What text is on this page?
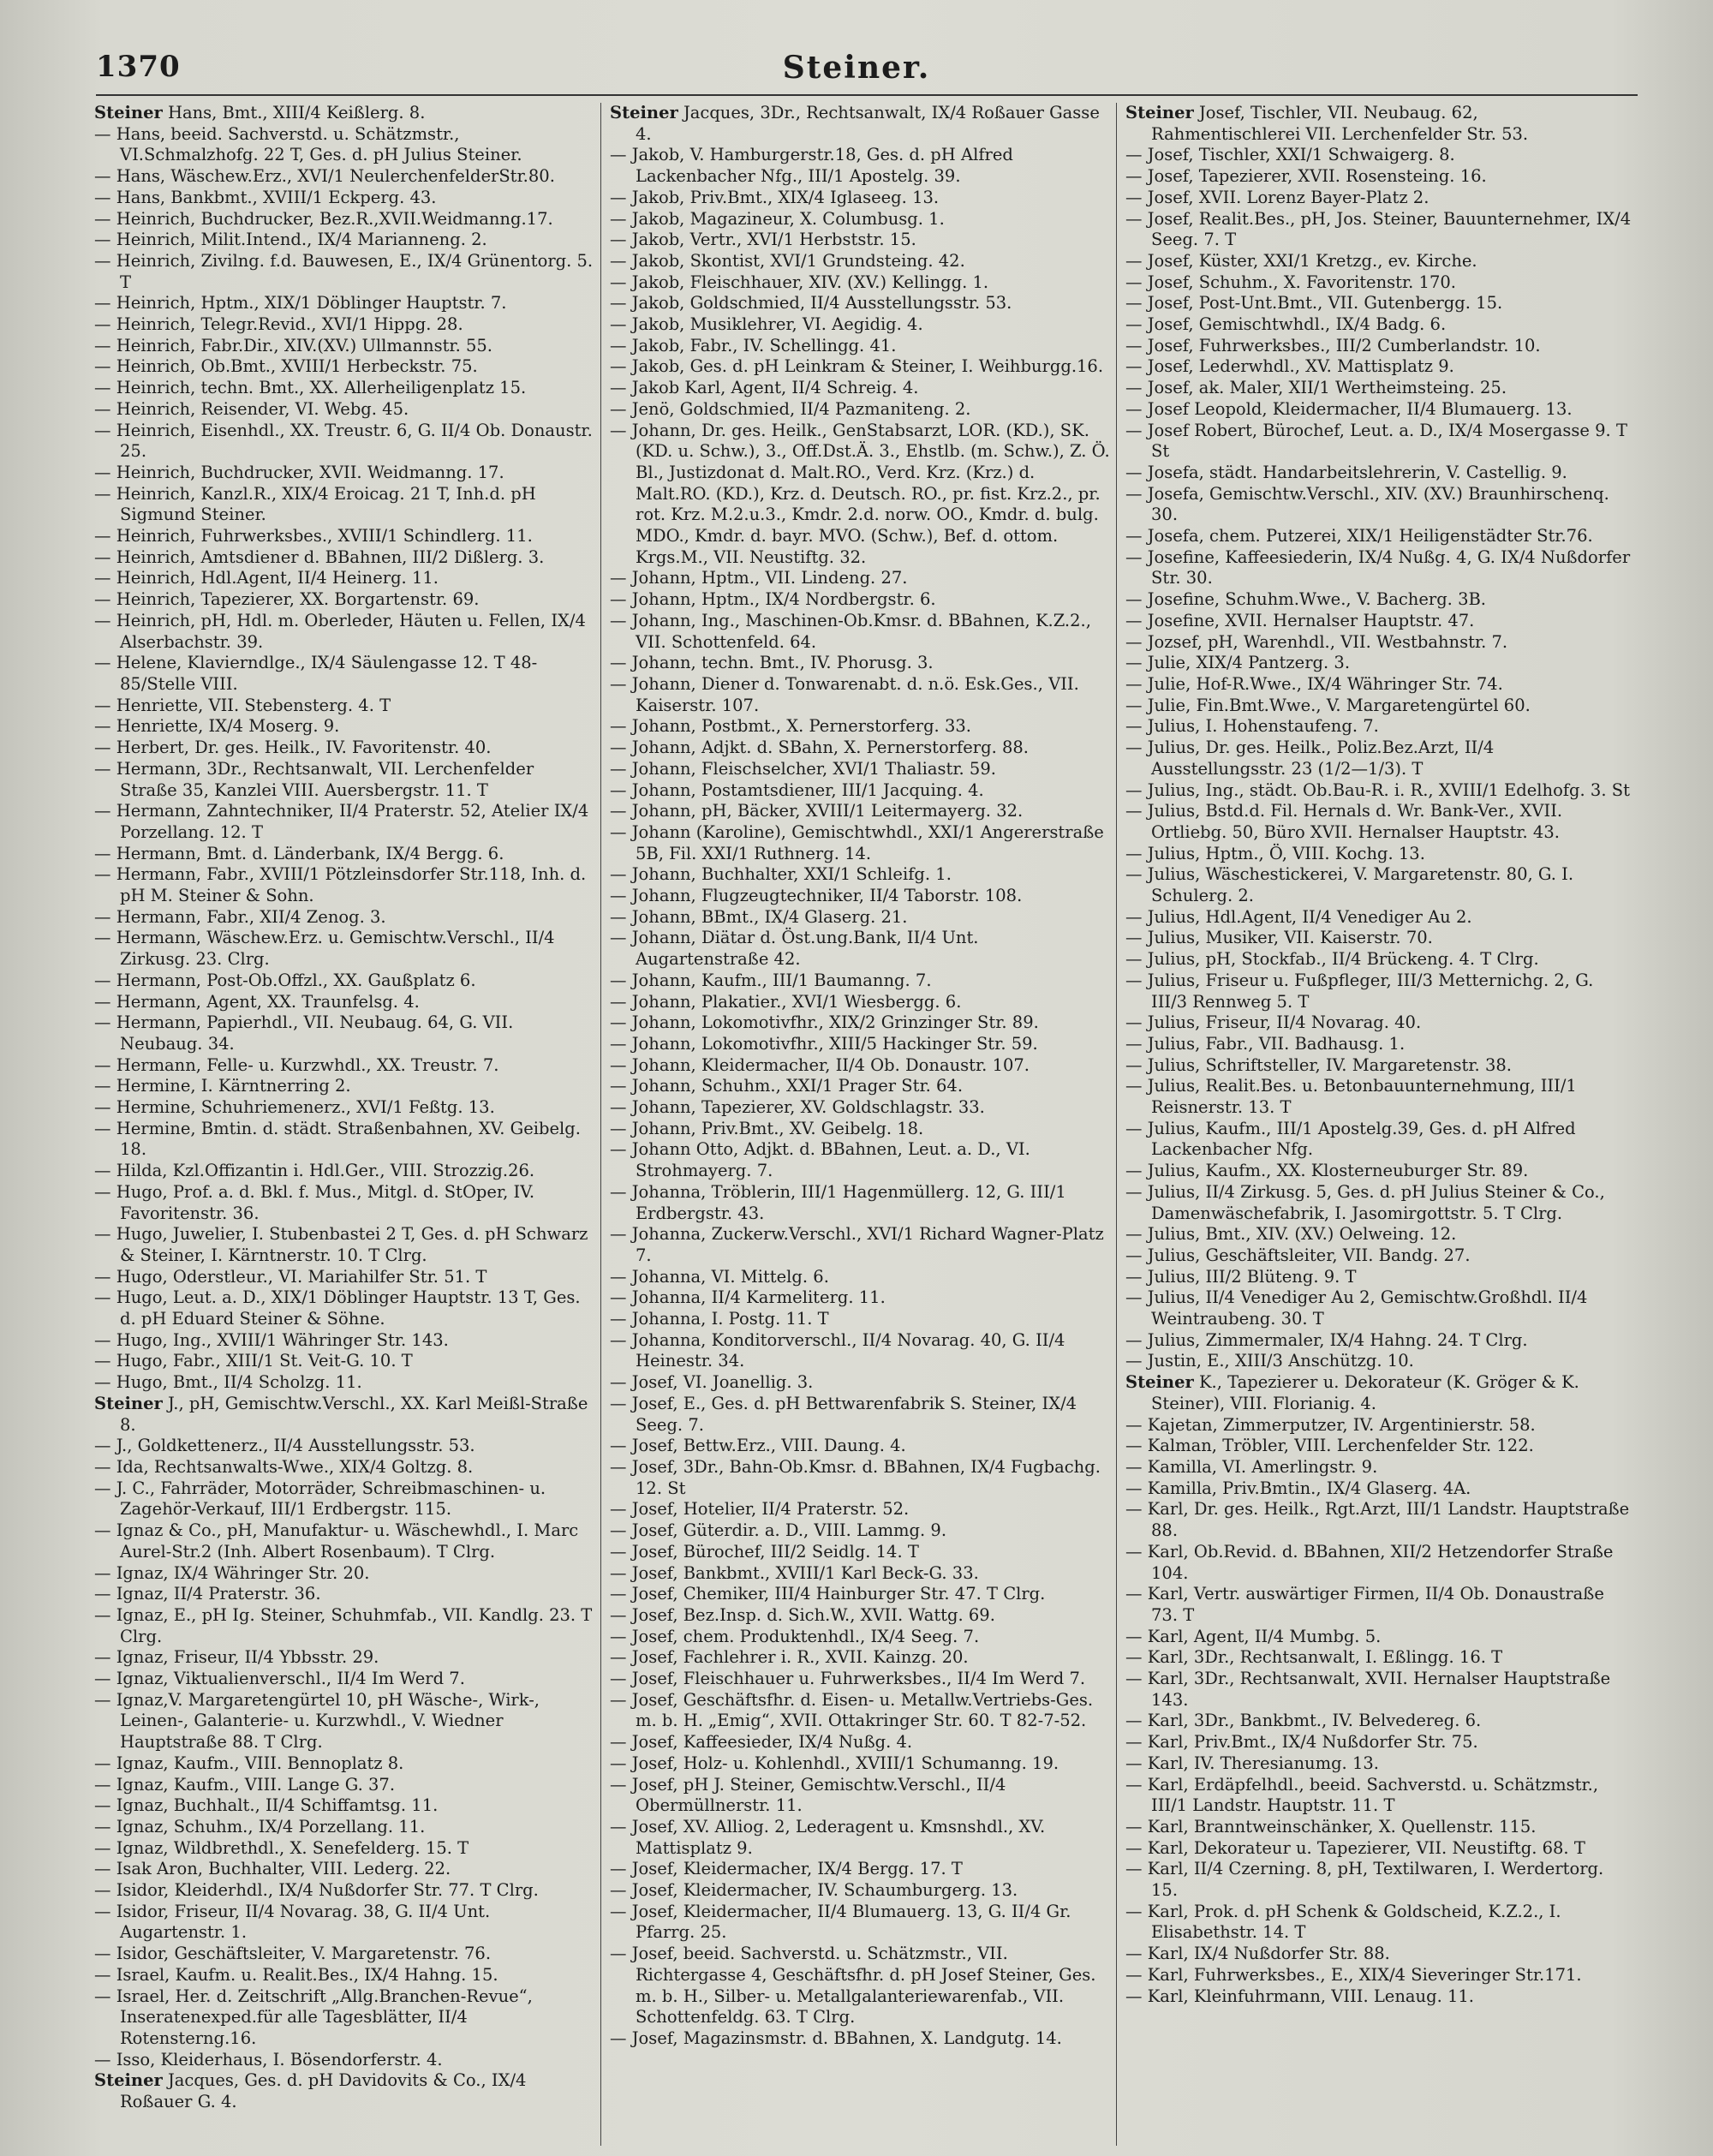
1370	Steiner.
Steiner Hans, Bmt., XIII/4 Keißlerg. 8.
— Hans, beeid. Sachverstd. u. Schätzmstr., VI.Schmalzhofg. 22 T, Ges. d. pH Julius Steiner.
— Hans, Wäschew.Erz., XVI/1 NeulerchenfelderStr.80.
— Hans, Bankbmt., XVIII/1 Eckperg. 43.
— Heinrich, Buchdrucker, Bez.R.,XVII.Weidmanng.17.
— Heinrich, Milit.Intend., IX/4 Marianneng. 2.
— Heinrich, Zivilng. f.d. Bauwesen, E., IX/4 Grünentorg. 5. T
— Heinrich, Hptm., XIX/1 Döblinger Hauptstr. 7.
— Heinrich, Telegr.Revid., XVI/1 Hippg. 28.
— Heinrich, Fabr.Dir., XIV.(XV.) Ullmannstr. 55.
— Heinrich, Ob.Bmt., XVIII/1 Herbeckstr. 75.
— Heinrich, techn. Bmt., XX. Allerheiligenplatz 15.
— Heinrich, Reisender, VI. Webg. 45.
— Heinrich, Eisenhdl., XX. Treustr. 6, G. II/4 Ob. Donaustr. 25.
— Heinrich, Buchdrucker, XVII. Weidmanng. 17.
— Heinrich, Kanzl.R., XIX/4 Eroicag. 21 T, Inh.d. pH Sigmund Steiner.
— Heinrich, Fuhrwerksbes., XVIII/1 Schindlerg. 11.
— Heinrich, Amtsdiener d. BBahnen, III/2 Dißlerg. 3.
— Heinrich, Hdl.Agent, II/4 Heinerg. 11.
— Heinrich, Tapezierer, XX. Borgartenstr. 69.
— Heinrich, pH, Hdl. m. Oberleder, Häuten u. Fellen, IX/4 Alserbachstr. 39.
— Helene, Klavierndlge., IX/4 Säulengasse 12. T 48-85/Stelle VIII.
— Henriette, VII. Stebensterg. 4. T
— Henriette, IX/4 Moserg. 9.
— Herbert, Dr. ges. Heilk., IV. Favoritenstr. 40.
— Hermann, 3Dr., Rechtsanwalt, VII. Lerchenfelder Straße 35, Kanzlei VIII. Auersbergstr. 11. T
— Hermann, Zahntechniker, II/4 Praterstr. 52, Atelier IX/4 Porzellang. 12. T
— Hermann, Bmt. d. Länderbank, IX/4 Bergg. 6.
— Hermann, Fabr., XVIII/1 Pötzleinsdorfer Str.118, Inh. d. pH M. Steiner & Sohn.
— Hermann, Fabr., XII/4 Zenog. 3.
— Hermann, Wäschew.Erz. u. Gemischtw.Verschl., II/4 Zirkusg. 23. Clrg.
— Hermann, Post-Ob.Offzl., XX. Gaußplatz 6.
— Hermann, Agent, XX. Traunfelsg. 4.
— Hermann, Papierhdl., VII. Neubaug. 64, G. VII. Neubaug. 34.
— Hermann, Felle- u. Kurzwhdl., XX. Treustr. 7.
— Hermine, I. Kärntnerring 2.
— Hermine, Schuhriemenerz., XVI/1 Feßtg. 13.
— Hermine, Bmtin. d. städt. Straßenbahnen, XV. Geibelg. 18.
— Hilda, Kzl.Offizantin i. Hdl.Ger., VIII. Strozzig.26.
— Hugo, Prof. a. d. Bkl. f. Mus., Mitgl. d. StOper, IV. Favoritenstr. 36.
— Hugo, Juwelier, I. Stubenbastei 2 T, Ges. d. pH Schwarz & Steiner, I. Kärntnerstr. 10. T Clrg.
— Hugo, Oderstleur., VI. Mariahilfer Str. 51. T
— Hugo, Leut. a. D., XIX/1 Döblinger Hauptstr. 13 T, Ges. d. pH Eduard Steiner & Söhne.
— Hugo, Ing., XVIII/1 Währinger Str. 143.
— Hugo, Fabr., XIII/1 St. Veit-G. 10. T
— Hugo, Bmt., II/4 Scholzg. 11.
Steiner J., pH, Gemischtw.Verschl., XX. Karl Meißl-Straße 8.
— J., Goldkettenerz., II/4 Ausstellungsstr. 53.
— Ida, Rechtsanwalts-Wwe., XIX/4 Goltzg. 8.
— J. C., Fahrräder, Motorräder, Schreibmaschinen- u. Zagehör-Verkauf, III/1 Erdbergstr. 115.
— Ignaz & Co., pH, Manufaktur- u. Wäschewhdl., I. Marc Aurel-Str.2 (Inh. Albert Rosenbaum). T Clrg.
— Ignaz, IX/4 Währinger Str. 20.
— Ignaz, II/4 Praterstr. 36.
— Ignaz, E., pH Ig. Steiner, Schuhmfab., VII. Kandlg. 23. T Clrg.
— Ignaz, Friseur, II/4 Ybbsstr. 29.
— Ignaz, Viktualienverschl., II/4 Im Werd 7.
— Ignaz,V. Margaretengürtel 10, pH Wäsche-, Wirk-, Leinen-, Galanterie- u. Kurzwhdl., V. Wiedner Hauptstraße 88. T Clrg.
— Ignaz, Kaufm., VIII. Bennoplatz 8.
— Ignaz, Kaufm., VIII. Lange G. 37.
— Ignaz, Buchhalt., II/4 Schiffamtsg. 11.
— Ignaz, Schuhm., IX/4 Porzellang. 11.
— Ignaz, Wildbrethdl., X. Senefelderg. 15. T
— Isak Aron, Buchhalter, VIII. Lederg. 22.
— Isidor, Kleiderhdl., IX/4 Nußdorfer Str. 77. T Clrg.
— Isidor, Friseur, II/4 Novarag. 38, G. II/4 Unt. Augartenstr. 1.
— Isidor, Geschäftsleiter, V. Margaretenstr. 76.
— Israel, Kaufm. u. Realit.Bes., IX/4 Hahng. 15.
— Israel, Her. d. Zeitschrift „Allg.Branchen-Revue“, Inseratenexped.für alle Tagesblätter, II/4 Rotensterng.16.
— Isso, Kleiderhaus, I. Bösendorferstr. 4.
Steiner Jacques, Ges. d. pH Davidovits & Co., IX/4 Roßauer G. 4.
Steiner Jacques, 3Dr., Rechtsanwalt, IX/4 Roßauer Gasse 4.
— Jakob, V. Hamburgerstr.18, Ges. d. pH Alfred Lackenbacher Nfg., III/1 Apostelg. 39.
— Jakob, Priv.Bmt., XIX/4 Iglaseeg. 13.
— Jakob, Magazineur, X. Columbusg. 1.
— Jakob, Vertr., XVI/1 Herbststr. 15.
— Jakob, Skontist, XVI/1 Grundsteing. 42.
— Jakob, Fleischhauer, XIV. (XV.) Kellingg. 1.
— Jakob, Goldschmied, II/4 Ausstellungsstr. 53.
— Jakob, Musiklehrer, VI. Aegidig. 4.
— Jakob, Fabr., IV. Schellingg. 41.
— Jakob, Ges. d. pH Leinkram & Steiner, I. Weihburgg.16.
— Jakob Karl, Agent, II/4 Schreig. 4.
— Jenö, Goldschmied, II/4 Pazmaniteng. 2.
— Johann, Dr. ges. Heilk., GenStabsarzt, LOR. (KD.), SK. (KD. u. Schw.), 3., Off.Dst.Ä. 3., Ehstlb. (m. Schw.), Z. Ö. Bl., Justizdonat d. Malt.RO., Verd. Krz. (Krz.) d. Malt.RO. (KD.), Krz. d. Deutsch. RO., pr. fist. Krz.2., pr. rot. Krz. M.2.u.3., Kmdr. 2.d. norw. OO., Kmdr. d. bulg. MDO., Kmdr. d. bayr. MVO. (Schw.), Bef. d. ottom. Krgs.M., VII. Neustiftg. 32.
— Johann, Hptm., VII. Lindeng. 27.
— Johann, Hptm., IX/4 Nordbergstr. 6.
— Johann, Ing., Maschinen-Ob.Kmsr. d. BBahnen, K.Z.2., VII. Schottenfeld. 64.
— Johann, techn. Bmt., IV. Phorusg. 3.
— Johann, Diener d. Tonwarenabt. d. n.ö. Esk.Ges., VII. Kaiserstr. 107.
— Johann, Postbmt., X. Pernerstorferg. 33.
— Johann, Adjkt. d. SBahn, X. Pernerstorferg. 88.
— Johann, Fleischselcher, XVI/1 Thaliastr. 59.
— Johann, Postamtsdiener, III/1 Jacquing. 4.
— Johann, pH, Bäcker, XVIII/1 Leitermayerg. 32.
— Johann (Karoline), Gemischtwhdl., XXI/1 Angererstraße 5B, Fil. XXI/1 Ruthnerg. 14.
— Johann, Buchhalter, XXI/1 Schleifg. 1.
— Johann, Flugzeugtechniker, II/4 Taborstr. 108.
— Johann, BBmt., IX/4 Glaserg. 21.
— Johann, Diätar d. Öst.ung.Bank, II/4 Unt. Augartenstraße 42.
— Johann, Kaufm., III/1 Baumanng. 7.
— Johann, Plakatier., XVI/1 Wiesbergg. 6.
— Johann, Lokomotivfhr., XIX/2 Grinzinger Str. 89.
— Johann, Lokomotivfhr., XIII/5 Hackinger Str. 59.
— Johann, Kleidermacher, II/4 Ob. Donaustr. 107.
— Johann, Schuhm., XXI/1 Prager Str. 64.
— Johann, Tapezierer, XV. Goldschlagstr. 33.
— Johann, Priv.Bmt., XV. Geibelg. 18.
— Johann Otto, Adjkt. d. BBahnen, Leut. a. D., VI. Strohmayerg. 7.
— Johanna, Tröblerin, III/1 Hagenmüllerg. 12, G. III/1 Erdbergstr. 43.
— Johanna, Zuckerw.Verschl., XVI/1 Richard Wagner-Platz 7.
— Johanna, VI. Mittelg. 6.
— Johanna, II/4 Karmeliterg. 11.
— Johanna, I. Postg. 11. T
— Johanna, Konditorverschl., II/4 Novarag. 40, G. II/4 Heinestr. 34.
— Josef, VI. Joanellig. 3.
— Josef, E., Ges. d. pH Bettwarenfabrik S. Steiner, IX/4 Seeg. 7.
— Josef, Bettw.Erz., VIII. Daung. 4.
— Josef, 3Dr., Bahn-Ob.Kmsr. d. BBahnen, IX/4 Fugbachg. 12. St
— Josef, Hotelier, II/4 Praterstr. 52.
— Josef, Güterdir. a. D., VIII. Lammg. 9.
— Josef, Bürochef, III/2 Seidlg. 14. T
— Josef, Bankbmt., XVIII/1 Karl Beck-G. 33.
— Josef, Chemiker, III/4 Hainburger Str. 47. T Clrg.
— Josef, Bez.Insp. d. Sich.W., XVII. Wattg. 69.
— Josef, chem. Produktenhdl., IX/4 Seeg. 7.
— Josef, Fachlehrer i. R., XVII. Kainzg. 20.
— Josef, Fleischhauer u. Fuhrwerksbes., II/4 Im Werd 7.
— Josef, Geschäftsfhr. d. Eisen- u. Metallw.Vertriebs-Ges. m. b. H. „Emig“, XVII. Ottakringer Str. 60. T 82-7-52.
— Josef, Kaffeesieder, IX/4 Nußg. 4.
— Josef, Holz- u. Kohlenhdl., XVIII/1 Schumanng. 19.
— Josef, pH J. Steiner, Gemischtw.Verschl., II/4 Obermüllnerstr. 11.
— Josef, XV. Alliog. 2, Lederagent u. Kmsnshdl., XV. Mattisplatz 9.
— Josef, Kleidermacher, IX/4 Bergg. 17. T
— Josef, Kleidermacher, IV. Schaumburgerg. 13.
— Josef, Kleidermacher, II/4 Blumauerg. 13, G. II/4 Gr. Pfarrg. 25.
— Josef, beeid. Sachverstd. u. Schätzmstr., VII. Richtergasse 4, Geschäftsfhr. d. pH Josef Steiner, Ges. m. b. H., Silber- u. Metallgalanteriewarenfab., VII. Schottenfeldg. 63. T Clrg.
— Josef, Magazinsmstr. d. BBahnen, X. Landgutg. 14.
Steiner Josef, Tischler, VII. Neubaug. 62, Rahmentischlerei VII. Lerchenfelder Str. 53.
— Josef, Tischler, XXI/1 Schwaigerg. 8.
— Josef, Tapezierer, XVII. Rosensteing. 16.
— Josef, XVII. Lorenz Bayer-Platz 2.
— Josef, Realit.Bes., pH, Jos. Steiner, Bauunternehmer, IX/4 Seeg. 7. T
— Josef, Küster, XXI/1 Kretzg., ev. Kirche.
— Josef, Schuhm., X. Favoritenstr. 170.
— Josef, Post-Unt.Bmt., VII. Gutenbergg. 15.
— Josef, Gemischtwhdl., IX/4 Badg. 6.
— Josef, Fuhrwerksbes., III/2 Cumberlandstr. 10.
— Josef, Lederwhdl., XV. Mattisplatz 9.
— Josef, ak. Maler, XII/1 Wertheimsteing. 25.
— Josef Leopold, Kleidermacher, II/4 Blumauerg. 13.
— Josef Robert, Bürochef, Leut. a. D., IX/4 Mosergasse 9. T St
— Josefa, städt. Handarbeitslehrerin, V. Castellig. 9.
— Josefa, Gemischtw.Verschl., XIV. (XV.) Braunhirschenq. 30.
— Josefa, chem. Putzerei, XIX/1 Heiligenstädter Str.76.
— Josefine, Kaffeesiederin, IX/4 Nußg. 4, G. IX/4 Nußdorfer Str. 30.
— Josefine, Schuhm.Wwe., V. Bacherg. 3B.
— Josefine, XVII. Hernalser Hauptstr. 47.
— Jozsef, pH, Warenhdl., VII. Westbahnstr. 7.
— Julie, XIX/4 Pantzerg. 3.
— Julie, Hof-R.Wwe., IX/4 Währinger Str. 74.
— Julie, Fin.Bmt.Wwe., V. Margaretengürtel 60.
— Julius, I. Hohenstaufeng. 7.
— Julius, Dr. ges. Heilk., Poliz.Bez.Arzt, II/4 Ausstellungsstr. 23 (1/2—1/3). T
— Julius, Ing., städt. Ob.Bau-R. i. R., XVIII/1 Edelhofg. 3. St
— Julius, Bstd.d. Fil. Hernals d. Wr. Bank-Ver., XVII. Ortliebg. 50, Büro XVII. Hernalser Hauptstr. 43.
— Julius, Hptm., Ö, VIII. Kochg. 13.
— Julius, Wäschestickerei, V. Margaretenstr. 80, G. I. Schulerg. 2.
— Julius, Hdl.Agent, II/4 Venediger Au 2.
— Julius, Musiker, VII. Kaiserstr. 70.
— Julius, pH, Stockfab., II/4 Brückeng. 4. T Clrg.
— Julius, Friseur u. Fußpfleger, III/3 Metternichg. 2, G. III/3 Rennweg 5. T
— Julius, Friseur, II/4 Novarag. 40.
— Julius, Fabr., VII. Badhausg. 1.
— Julius, Schriftsteller, IV. Margaretenstr. 38.
— Julius, Realit.Bes. u. Betonbauunternehmung, III/1 Reisnerstr. 13. T
— Julius, Kaufm., III/1 Apostelg.39, Ges. d. pH Alfred Lackenbacher Nfg.
— Julius, Kaufm., XX. Klosterneuburger Str. 89.
— Julius, II/4 Zirkusg. 5, Ges. d. pH Julius Steiner & Co., Damenwäschefabrik, I. Jasomirgottstr. 5. T Clrg.
— Julius, Bmt., XIV. (XV.) Oelweing. 12.
— Julius, Geschäftsleiter, VII. Bandg. 27.
— Julius, III/2 Blüteng. 9. T
— Julius, II/4 Venediger Au 2, Gemischtw.Großhdl. II/4 Weintraubeng. 30. T
— Julius, Zimmermaler, IX/4 Hahng. 24. T Clrg.
— Justin, E., XIII/3 Anschützg. 10.
Steiner K., Tapezierer u. Dekorateur (K. Gröger & K. Steiner), VIII. Florianig. 4.
— Kajetan, Zimmerputzer, IV. Argentinierstr. 58.
— Kalman, Tröbler, VIII. Lerchenfelder Str. 122.
— Kamilla, VI. Amerlingstr. 9.
— Kamilla, Priv.Bmtin., IX/4 Glaserg. 4A.
— Karl, Dr. ges. Heilk., Rgt.Arzt, III/1 Landstr. Hauptstraße 88.
— Karl, Ob.Revid. d. BBahnen, XII/2 Hetzendorfer Straße 104.
— Karl, Vertr. auswärtiger Firmen, II/4 Ob. Donaustraße 73. T
— Karl, Agent, II/4 Mumbg. 5.
— Karl, 3Dr., Rechtsanwalt, I. Eßlingg. 16. T
— Karl, 3Dr., Rechtsanwalt, XVII. Hernalser Hauptstraße 143.
— Karl, 3Dr., Bankbmt., IV. Belvedereg. 6.
— Karl, Priv.Bmt., IX/4 Nußdorfer Str. 75.
— Karl, IV. Theresianumg. 13.
— Karl, Erdäpfelhdl., beeid. Sachverstd. u. Schätzmstr., III/1 Landstr. Hauptstr. 11. T
— Karl, Branntweinschänker, X. Quellenstr. 115.
— Karl, Dekorateur u. Tapezierer, VII. Neustiftg. 68. T
— Karl, II/4 Czerning. 8, pH, Textilwaren, I. Werdertorg. 15.
— Karl, Prok. d. pH Schenk & Goldscheid, K.Z.2., I. Elisabethstr. 14. T
— Karl, IX/4 Nußdorfer Str. 88.
— Karl, Fuhrwerksbes., E., XIX/4 Sieveringer Str.171.
— Karl, Kleinfuhrmann, VIII. Lenaug. 11.
